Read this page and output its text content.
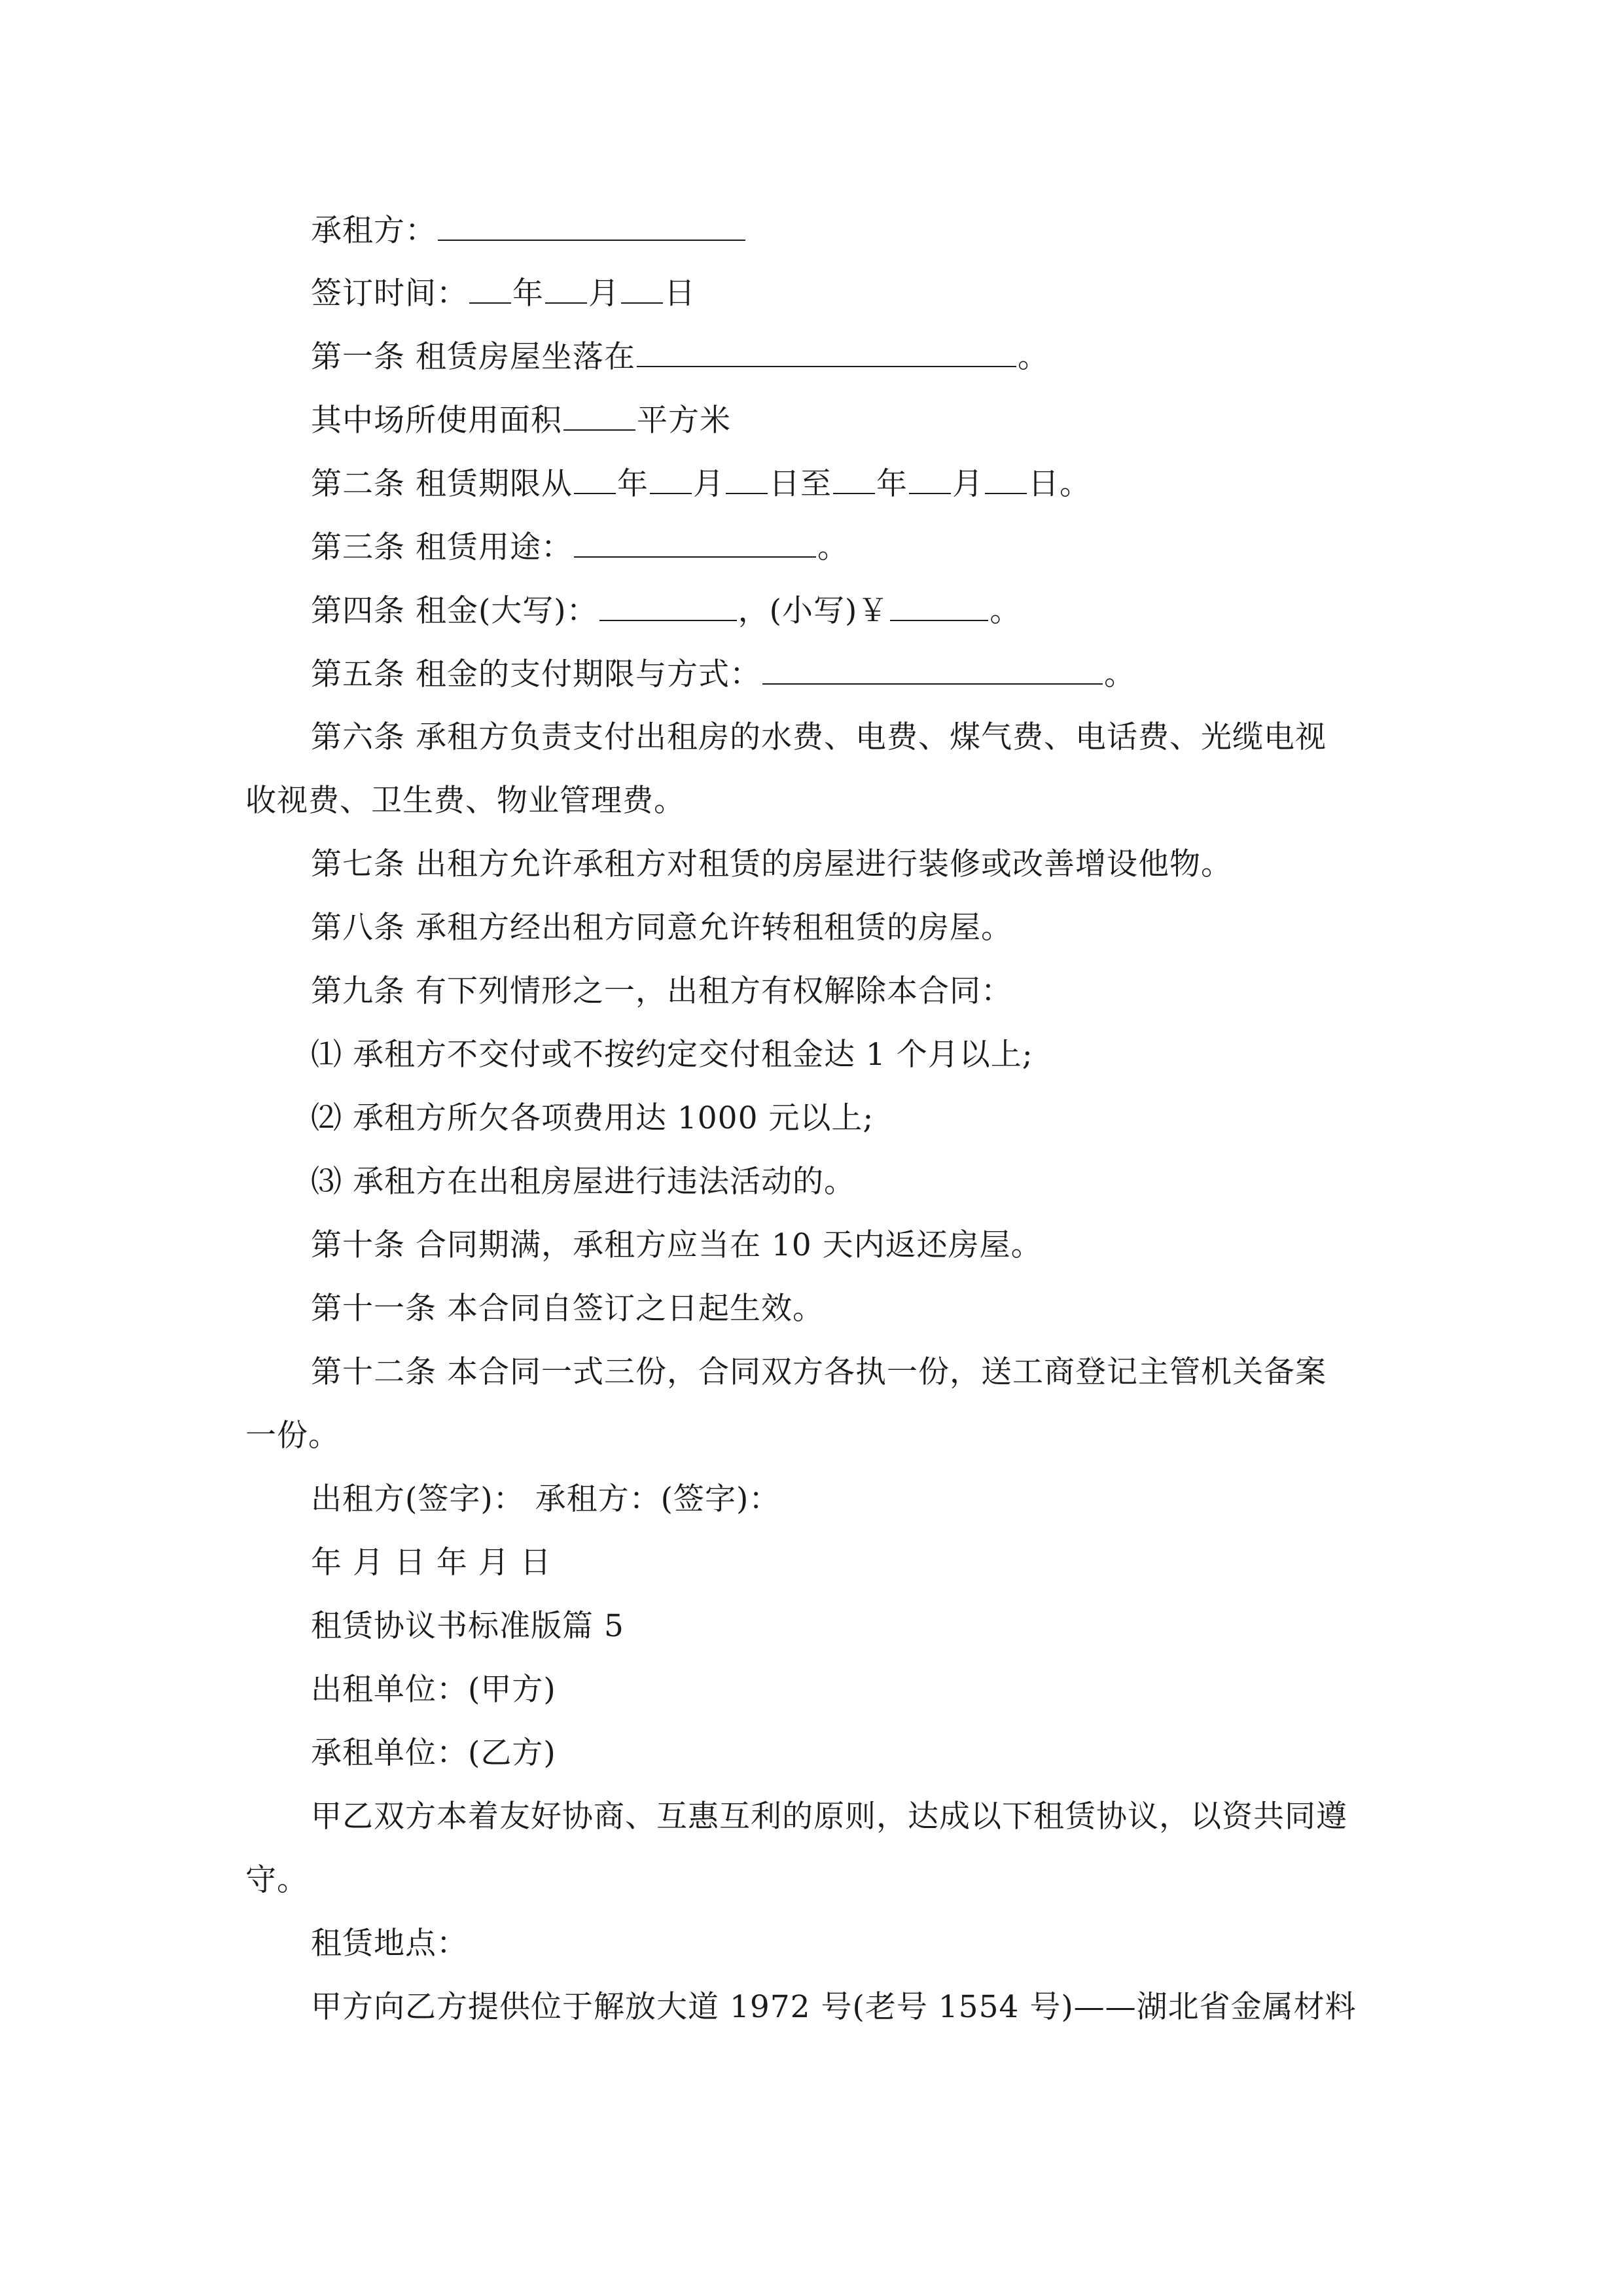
承租方：
签订时间： 年 月 日
第一条 租赁房屋坐落在	。
其中场所使用面积 平方米
第二条 租赁期限从 年 月 日至 年 月 日。
第三条 租赁用途：	。
第四条 租金(大写)：	，(小写)￥	。
第五条 租金的支付期限与方式：	。
第六条 承租方负责支付出租房的水费、电费、煤气费、电话费、光缆电视
收视费、卫生费、物业管理费。
第七条 出租方允许承租方对租赁的房屋进行装修或改善增设他物。
第八条 承租方经出租方同意允许转租租赁的房屋。
第九条 有下列情形之一，出租方有权解除本合同：
⑴ 承租方不交付或不按约定交付租金达 1 个月以上;
⑵ 承租方所欠各项费用达 1000 元以上;
⑶ 承租方在出租房屋进行违法活动的。
第十条 合同期满，承租方应当在 10 天内返还房屋。
第十一条 本合同自签订之日起生效。
第十二条 本合同一式三份，合同双方各执一份，送工商登记主管机关备案
一份。
出租方(签字)： 承租方：(签字)：
年 月 日 年 月 日
租赁协议书标准版篇 5
出租单位：(甲方)
承租单位：(乙方)
甲乙双方本着友好协商、互惠互利的原则，达成以下租赁协议，以资共同遵
守。
租赁地点：
甲方向乙方提供位于解放大道 1972 号(老号 1554 号)——湖北省金属材料
